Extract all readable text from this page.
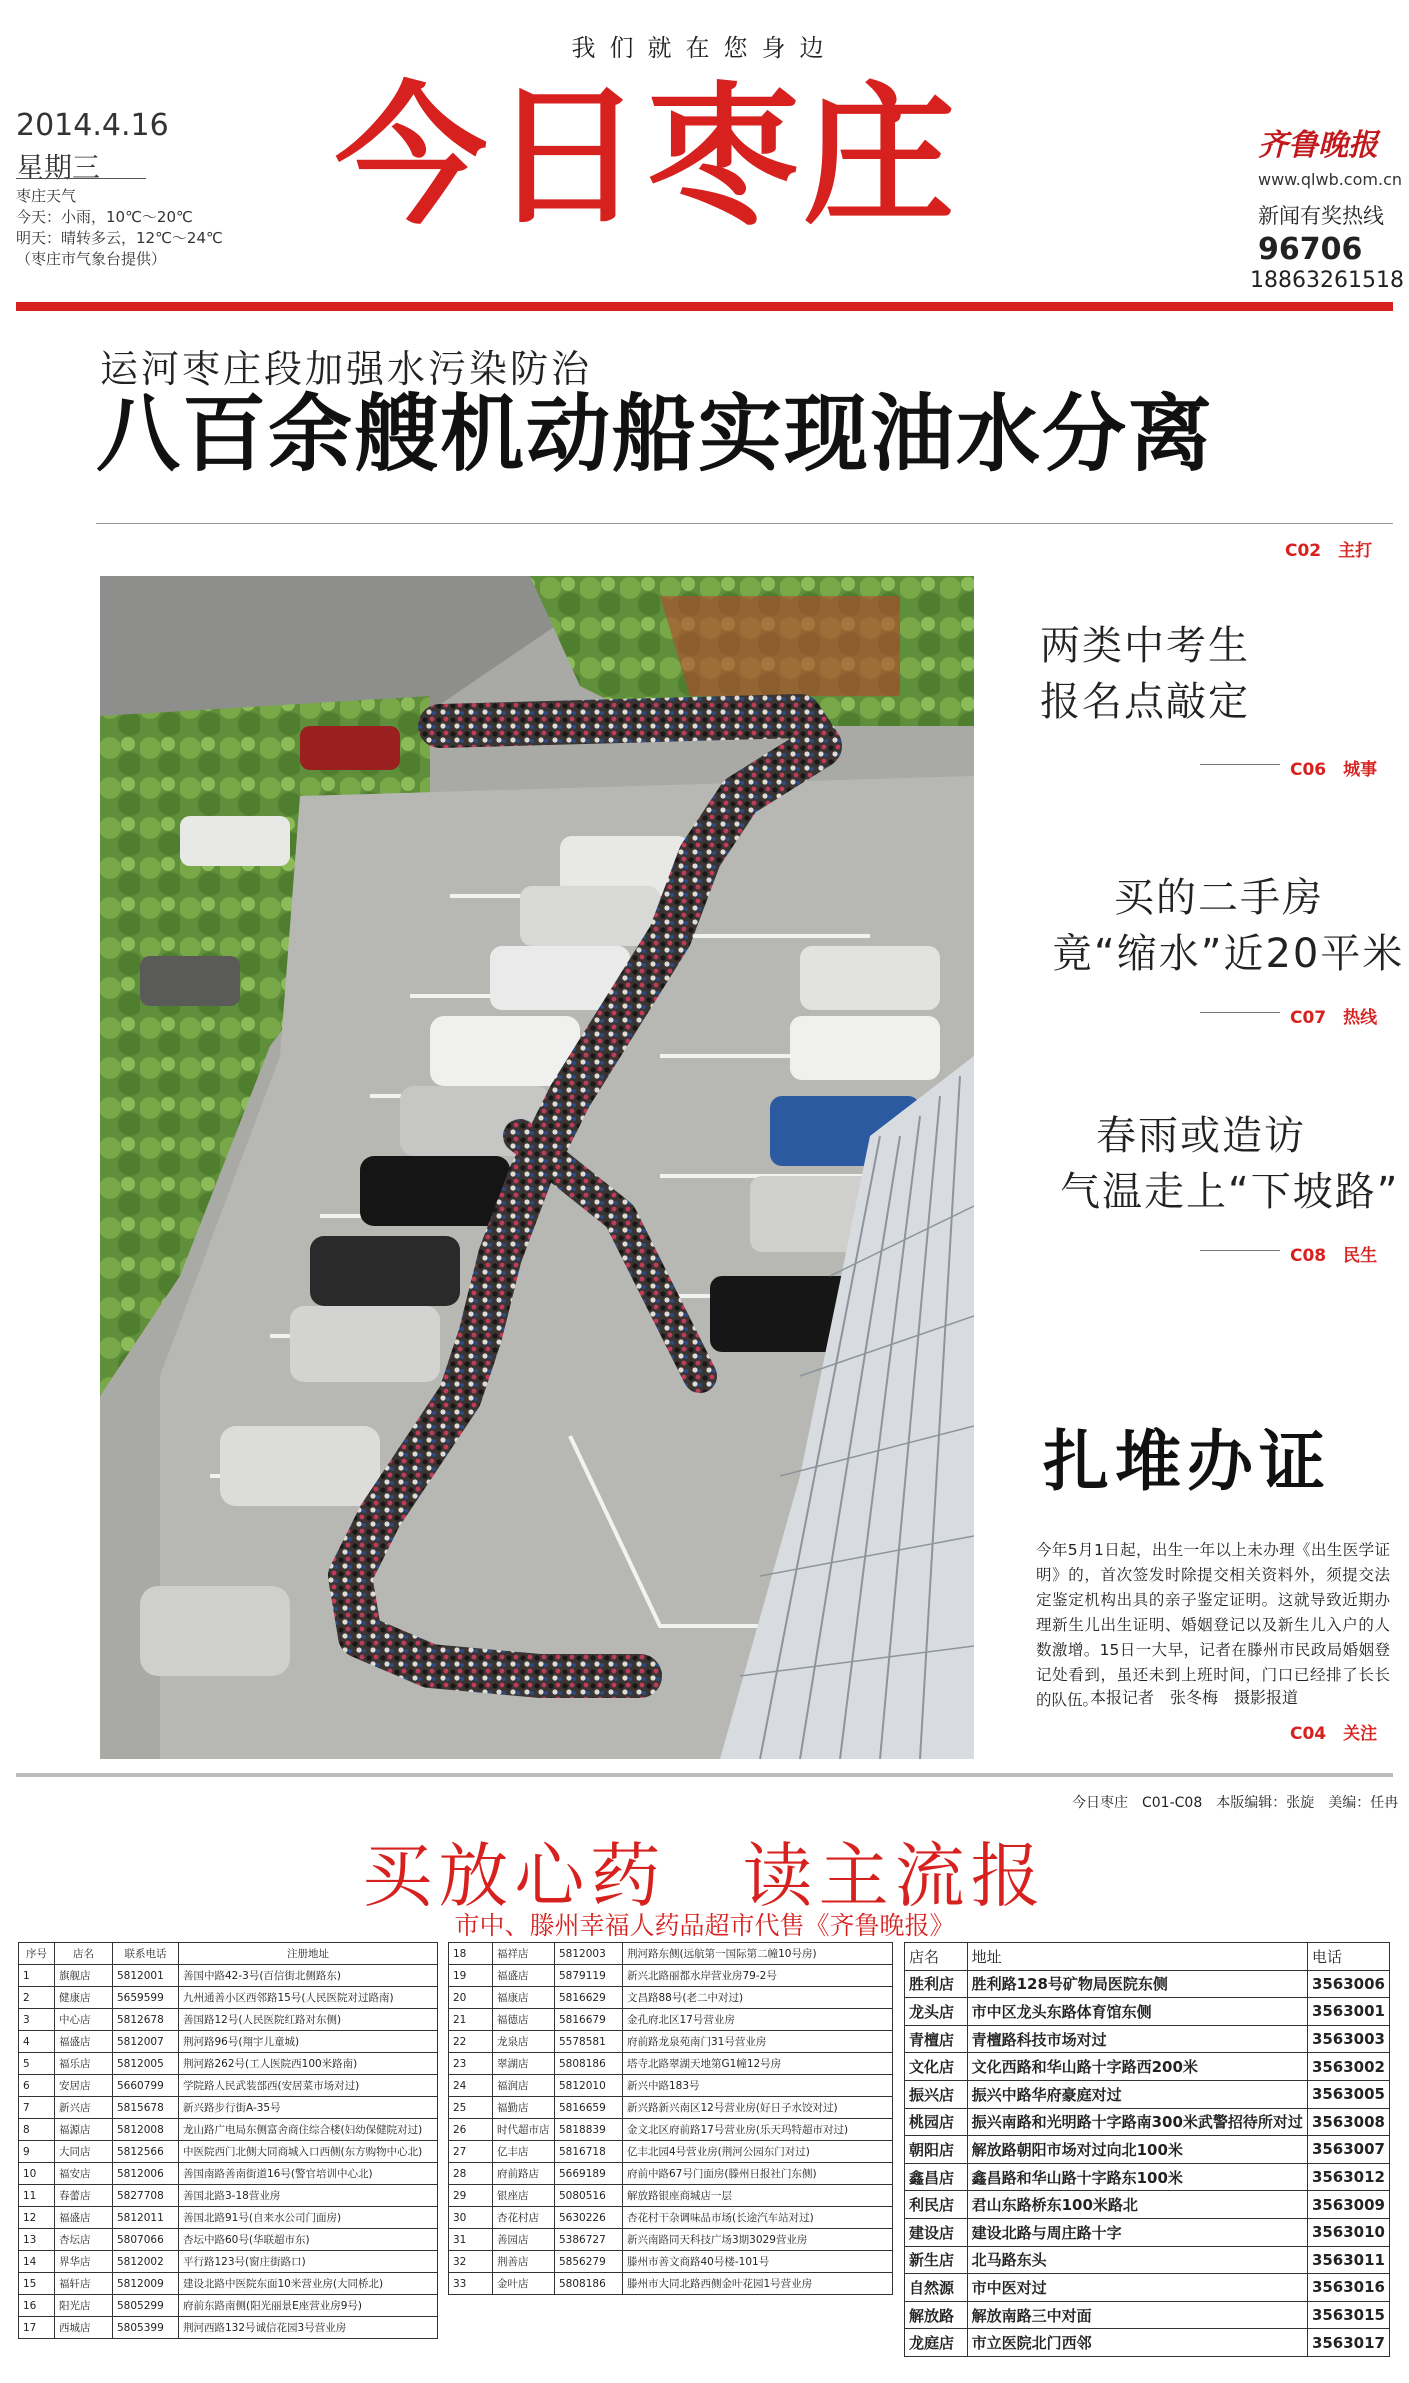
我们就在您身边
2014.4.16
星期三
枣庄天气
今天：小雨，10℃～20℃
明天：晴转多云，12℃～24℃
（枣庄市气象台提供）
今日枣庄	齐鲁晚报
www.qlwb.com.cn
新闻有奖热线
96706
18863261518
运河枣庄段加强水污染防治
八百余艘机动船实现油水分离
C02　主打
两类中考生
报名点敲定
C06　城事
买的二手房
竟“缩水”近20平米
C07　热线
春雨或造访
气温走上“下坡路”
C08　民生
扎堆办证
今年5月1日起，出生一年以上未办理《出生医学证明》的，首次签发时除提交相关资料外，须提交法定鉴定机构出具的亲子鉴定证明。这就导致近期办理新生儿出生证明、婚姻登记以及新生儿入户的人数激增。15日一大早，记者在滕州市民政局婚姻登记处看到，虽还未到上班时间，门口已经排了长长的队伍。
本报记者　张冬梅　摄影报道
C04　关注
今日枣庄　C01-C08　本版编辑：张旋　美编：任冉
买放心药 读主流报
市中、滕州幸福人药品超市代售《齐鲁晚报》
序号	店名	联系电话	注册地址
1	旗舰店	5812001	善国中路42-3号(百信街北侧路东)
2	健康店	5659599	九州通善小区西邻路15号(人民医院对过路南)
3	中心店	5812678	善国路12号(人民医院红路对东侧)
4	福盛店	5812007	荆河路96号(翔宇儿童城)
5	福乐店	5812005	荆河路262号(工人医院西100米路南)
6	安居店	5660799	学院路人民武装部西(安居菜市场对过)
7	新兴店	5815678	新兴路步行街A-35号
8	福源店	5812008	龙山路广电局东侧富舍商住综合楼(妇幼保健院对过)
9	大同店	5812566	中医院西门北侧大同商城入口西侧(东方购物中心北)
10	福安店	5812006	善国南路善南街道16号(警官培训中心北)
11	春蕾店	5827708	善国北路3-18营业房
12	福盛店	5812011	善国北路91号(自来水公司门面房)
13	杏坛店	5807066	杏坛中路60号(华联超市东)
14	界华店	5812002	平行路123号(窗庄街路口)
15	福轩店	5812009	建设北路中医院东面10米营业房(大同桥北)
16	阳光店	5805299	府前东路南侧(阳光丽景E座营业房9号)
17	西城店	5805399	荆河西路132号诚信花园3号营业房
18	福祥店	5812003	荆河路东侧(远航第一国际第二幢10号房)
19	福盛店	5879119	新兴北路丽都水岸营业房79-2号
20	福康店	5816629	文昌路88号(老二中对过)
21	福德店	5816679	金孔府北区17号营业房
22	龙泉店	5578581	府前路龙泉苑南门31号营业房
23	翠湖店	5808186	塔寺北路翠湖天地第G1幢12号房
24	福润店	5812010	新兴中路183号
25	福勤店	5816659	新兴路新兴南区12号营业房(好日子水饺对过)
26	时代超市店	5818839	金文北区府前路17号营业房(乐天玛特超市对过)
27	亿丰店	5816718	亿丰北园4号营业房(荆河公园东门对过)
28	府前路店	5669189	府前中路67号门面房(滕州日报社门东侧)
29	银座店	5080516	解放路银座商城店一层
30	杏花村店	5630226	杏花村干杂调味品市场(长途汽车站对过)
31	善园店	5386727	新兴南路同天科技广场3期3029营业房
32	荆善店	5856279	滕州市善文商路40号楼-101号
33	金叶店	5808186	滕州市大同北路西侧金叶花园1号营业房
店名	地址	电话
胜利店	胜利路128号矿物局医院东侧	3563006
龙头店	市中区龙头东路体育馆东侧	3563001
青檀店	青檀路科技市场对过	3563003
文化店	文化西路和华山路十字路西200米	3563002
振兴店	振兴中路华府豪庭对过	3563005
桃园店	振兴南路和光明路十字路南300米武警招待所对过	3563008
朝阳店	解放路朝阳市场对过向北100米	3563007
鑫昌店	鑫昌路和华山路十字路东100米	3563012
利民店	君山东路桥东100米路北	3563009
建设店	建设北路与周庄路十字	3563010
新生店	北马路东头	3563011
自然源	市中医对过	3563016
解放路	解放南路三中对面	3563015
龙庭店	市立医院北门西邻	3563017
